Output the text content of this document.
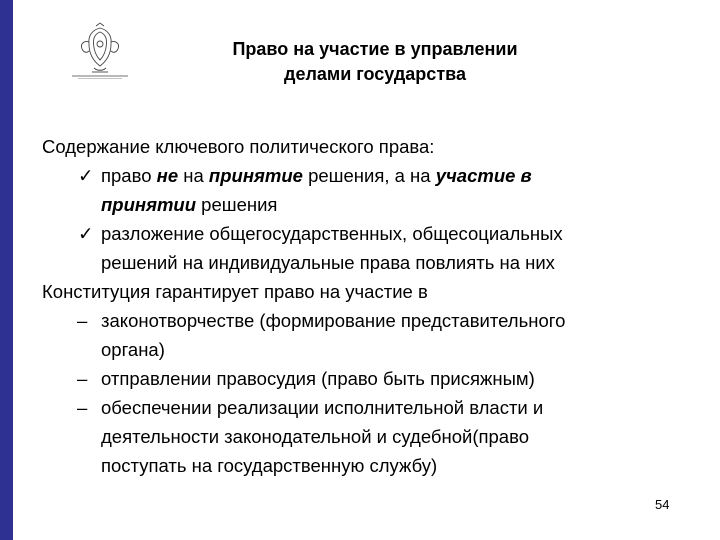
Право на участие в управлении
делами государства
Содержание ключевого политического права:
✓ право не на принятие решения, а на участие в
принятии решения
✓ разложение общегосударственных, общесоциальных
решений на индивидуальные права повлиять на них
Конституция гарантирует право на участие в
– законотворчестве (формирование представительного
органа)
– отправлении правосудия (право быть присяжным)
– обеспечении реализации исполнительной власти и
деятельности законодательной и судебной(право
поступать на государственную службу)
54
